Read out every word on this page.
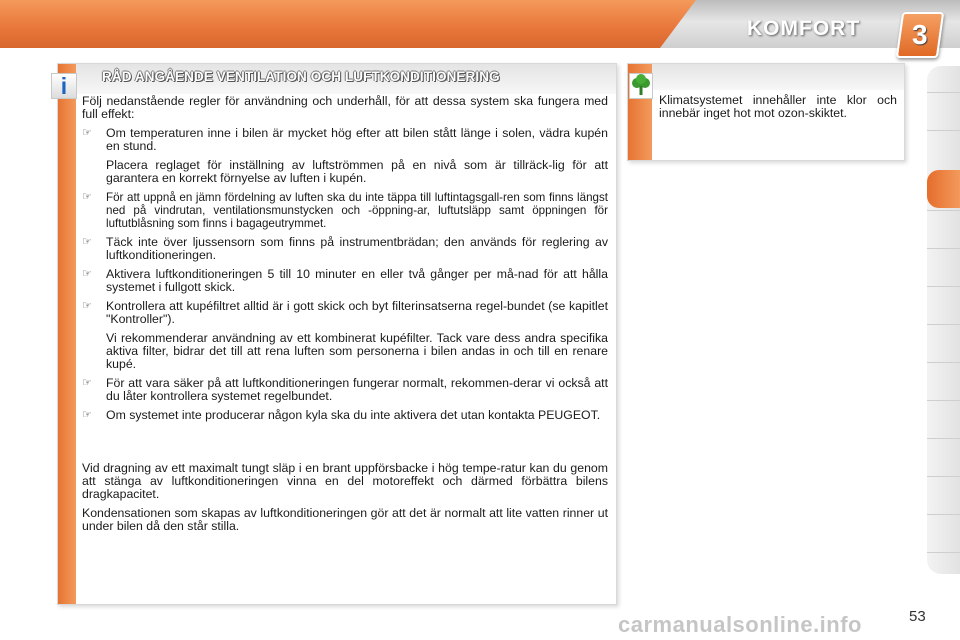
KOMFORT 3
RÅD ANGÅENDE VENTILATION OCH LUFTKONDITIONERING
i

Följ nedanstående regler för användning och underhåll, för att dessa system ska fungera med full effekt:

☞ Om temperaturen inne i bilen är mycket hög efter att bilen stått länge i solen, vädra kupén en stund.
Placera reglaget för inställning av luftströmmen på en nivå som är tillräck-lig för att garantera en korrekt förnyelse av luften i kupén.
☞ För att uppnå en jämn fördelning av luften ska du inte täppa till luftintagsgall-ren som finns längst ned på vindrutan, ventilationsmunstycken och -öppning-ar, luftutsläpp samt öppningen för luftutblåsning som finns i bagageutrymmet.
☞ Täck inte över ljussensorn som finns på instrumentbrädan; den används för reglering av luftkonditioneringen.
☞ Aktivera luftkonditioneringen 5 till 10 minuter en eller två gånger per må-nad för att hålla systemet i fullgott skick.
☞ Kontrollera att kupéfiltret alltid är i gott skick och byt filterinsatserna regel-bundet (se kapitlet "Kontroller").
Vi rekommenderar användning av ett kombinerat kupéfilter. Tack vare dess andra specifika aktiva filter, bidrar det till att rena luften som personerna i bilen andas in och till en renare kupé.
☞ För att vara säker på att luftkonditioneringen fungerar normalt, rekommen-derar vi också att du låter kontrollera systemet regelbundet.
☞ Om systemet inte producerar någon kyla ska du inte aktivera det utan kontakta PEUGEOT.

Vid dragning av ett maximalt tungt släp i en brant uppförsbacke i hög tempe-ratur kan du genom att stänga av luftkonditioneringen vinna en del motoreffekt och därmed förbättra bilens dragkapacitet.

Kondensationen som skapas av luftkonditioneringen gör att det är normalt att lite vatten rinner ut under bilen då den står stilla.

Klimatsystemet innehåller inte klor och innebär inget hot mot ozon-skiktet.
carmanualsonline.info	53
